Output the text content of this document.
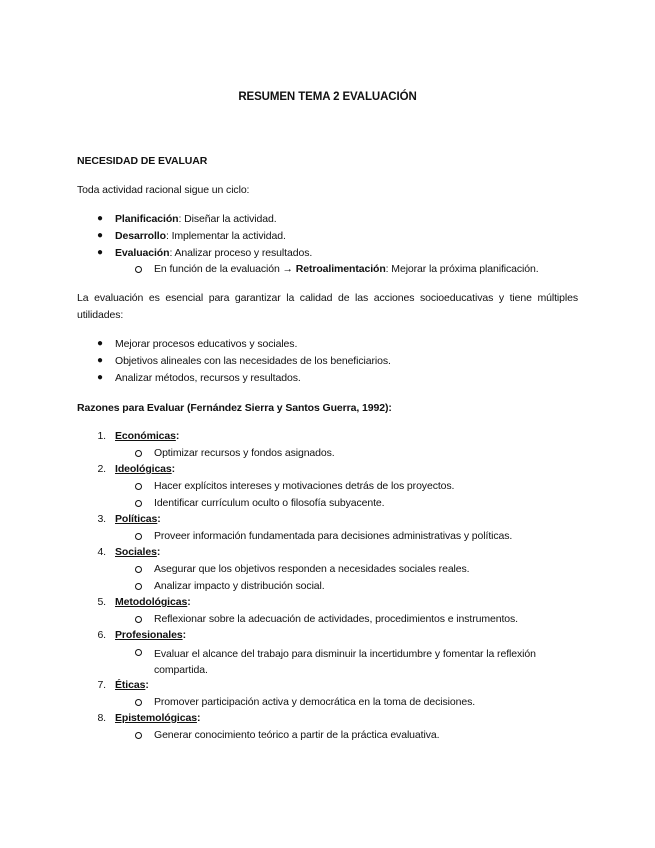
RESUMEN TEMA 2 EVALUACIÓN
NECESIDAD DE EVALUAR
Toda actividad racional sigue un ciclo:
● Planificación: Diseñar la actividad.
● Desarrollo: Implementar la actividad.
● Evaluación: Analizar proceso y resultados.
En función de la evaluación → Retroalimentación: Mejorar la próxima planificación.
La evaluación es esencial para garantizar la calidad de las acciones socioeducativas y tiene múltiples utilidades:
● Mejorar procesos educativos y sociales.
● Objetivos alineales con las necesidades de los beneficiarios.
● Analizar métodos, recursos y resultados.
Razones para Evaluar (Fernández Sierra y Santos Guerra, 1992):
1. Económicas:
Optimizar recursos y fondos asignados.
2. Ideológicas:
Hacer explícitos intereses y motivaciones detrás de los proyectos.
Identificar currículum oculto o filosofía subyacente.
3. Políticas:
Proveer información fundamentada para decisiones administrativas y políticas.
4. Sociales:
Asegurar que los objetivos responden a necesidades sociales reales.
Analizar impacto y distribución social.
5. Metodológicas:
Reflexionar sobre la adecuación de actividades, procedimientos e instrumentos.
6. Profesionales:
Evaluar el alcance del trabajo para disminuir la incertidumbre y fomentar la reflexión compartida.
7. Éticas:
Promover participación activa y democrática en la toma de decisiones.
8. Epistemológicas:
Generar conocimiento teórico a partir de la práctica evaluativa.
